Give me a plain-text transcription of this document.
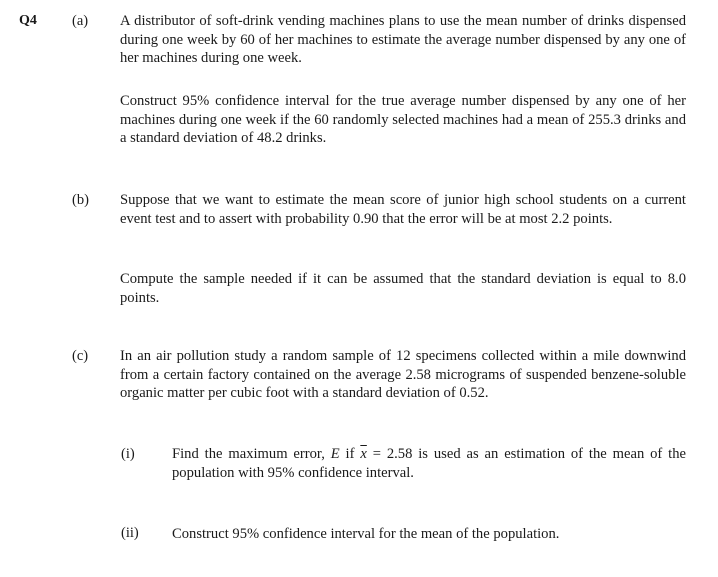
Q4 (a) A distributor of soft-drink vending machines plans to use the mean number of drinks dispensed during one week by 60 of her machines to estimate the average number dispensed by any one of her machines during one week.
Construct 95% confidence interval for the true average number dispensed by any one of her machines during one week if the 60 randomly selected machines had a mean of 255.3 drinks and a standard deviation of 48.2 drinks.
(b) Suppose that we want to estimate the mean score of junior high school students on a current event test and to assert with probability 0.90 that the error will be at most 2.2 points.
Compute the sample needed if it can be assumed that the standard deviation is equal to 8.0 points.
(c) In an air pollution study a random sample of 12 specimens collected within a mile downwind from a certain factory contained on the average 2.58 micrograms of suspended benzene-soluble organic matter per cubic foot with a standard deviation of 0.52.
(i)	Find the maximum error, E if $\overline{x} = 2.58$ is used as an estimation of the mean of the population with 95% confidence interval.
(ii) Construct 95% confidence interval for the mean of the population.
